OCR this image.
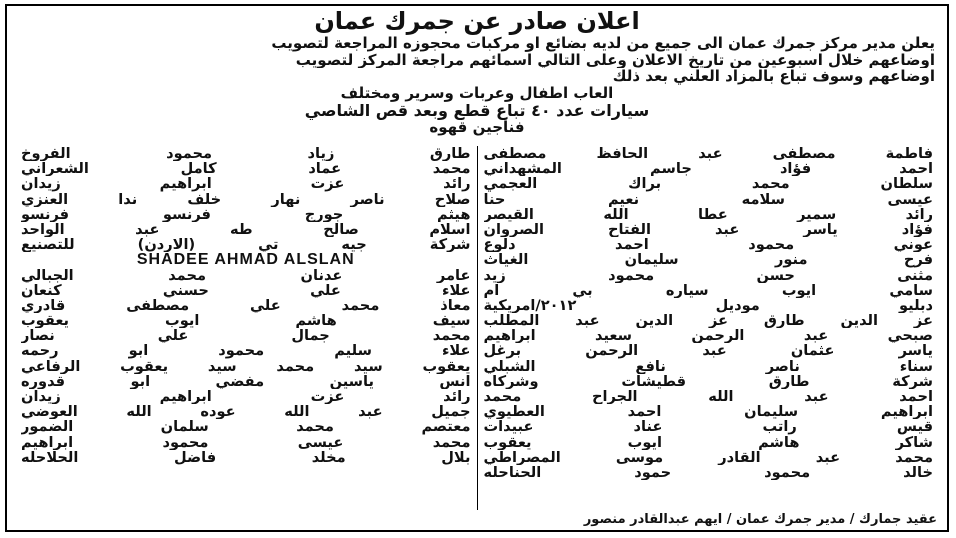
اعلان صادر عن جمرك عمان
يعلن مدير مركز جمرك عمان الى جميع من لديه بضائع او مركبات محجوزه المراجعة لتصويب
اوضاعهم خلال اسبوعين من تاريخ الاعلان وعلى التالي اسمائهم مراجعة المركز لتصويب
اوضاعهم وسوف تباع بالمزاد العلني بعد ذلك

العاب اطفال وعربات وسرير ومختلف

سيارات عدد ٤٠ تباع قطع وبعد قص الشاصي

فناجين قهوه

فاطمة مصطفى عبد الحافظ مصطفى
احمد فؤاد جاسم المشهداني
سلطان محمد براك العجمي
عيسى سلامه نعيم حنا
رائد سمير عطا الله القيصر
فؤاد ياسر عبد الفتاح الصروان
عوني محمود احمد دلوع
فرح منور سليمان الغياث
مثنى حسن محمود زيد
سامي ايوب سياره بي ام
دبليو موديل ٢٠١٢/امريكية
عز الدين طارق عز الدين عبد المطلب
صبحي عبد الرحمن سعيد ابراهيم
ياسر عثمان عبد الرحمن برغل
سناء ناصر نافع الشبلي
شركة طارق قطيشات وشركاه
احمد عبد الله الجراح محمد
ابراهيم سليمان احمد العطيوي
قيس راتب عناد عبيدات
شاكر هاشم ايوب يعقوب
محمد عبد القادر موسى المصراطي
خالد محمود حمود الحناحله
طارق زياد محمود الفروخ
محمد عماد كامل الشعراني
رائد عزت ابراهيم زيدان
صلاح ناصر نهار خلف ندا العنزي
هيثم جورج فرنسو فرنسو
اسلام صالح طه عبد الواحد
شركة جيه تي (الاردن) للتصنيع
SHADEE AHMAD ALSLAN
عامر عدنان محمد الجبالي
علاء علي حسني كنعان
معاذ محمد علي مصطفى قادري
سيف هاشم ايوب يعقوب
محمد جمال علي نصار
علاء سليم محمود ابو رحمه
يعقوب سيد محمد سيد يعقوب الرفاعي
انس ياسين مفضي ابو قدوره
رائد عزت ابراهيم زيدان
جميل عبد الله عوده الله العوضي
معتصم محمد سلمان الضمور
محمد عيسى محمود ابراهيم
بلال مخلد فاضل الحلاحله
عقيد جمارك / مدير جمرك عمان / ايهم عبدالقادر منصور
